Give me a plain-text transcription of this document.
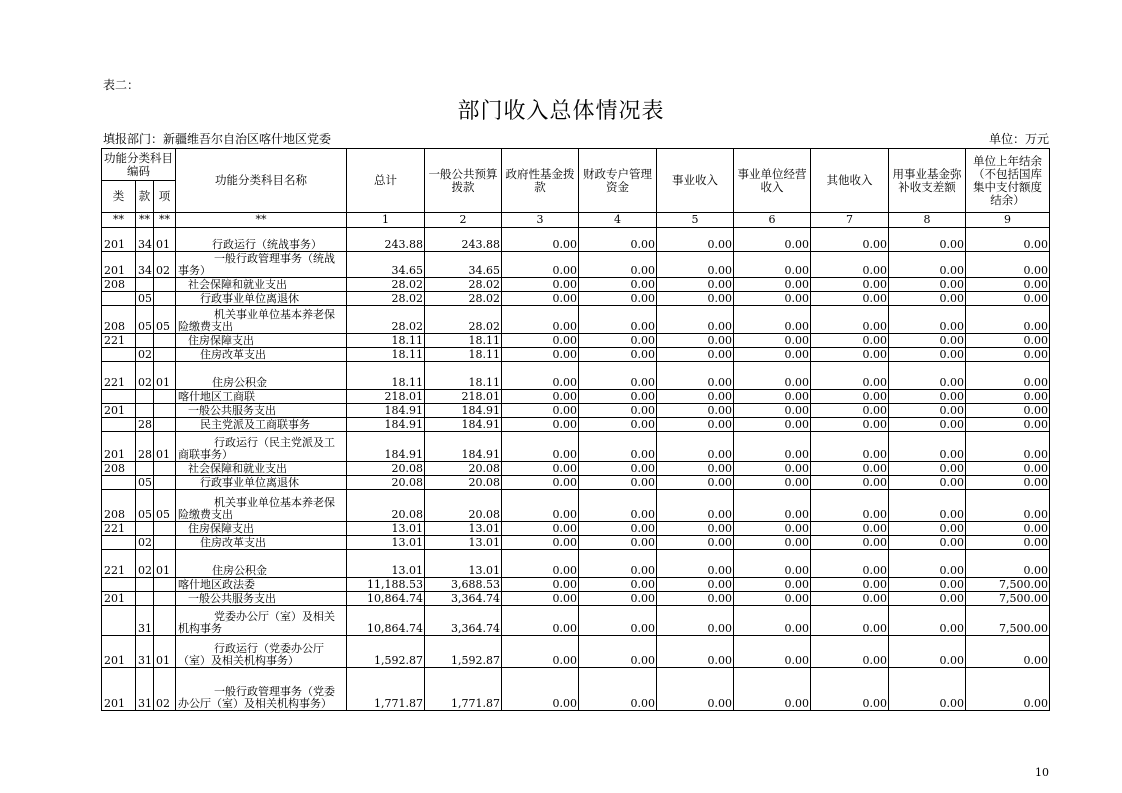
表二：
部门收入总体情况表
填报部门：新疆维吾尔自治区喀什地区党委	单位：万元
功能分类科目编码			功能分类科目名称	总计	一般公共预算拨款	政府性基金拨款	财政专户管理资金	事业收入	事业单位经营收入	其他收入	用事业基金弥补收支差额	单位上年结余（不包括国库集中支付额度结余）
类	款	项										
**	**	**	**	1	2	3	4	5	6	7	8	9
201	34	01	行政运行（统战事务）	243.88	243.88	0.00	0.00	0.00	0.00	0.00	0.00	0.00
201	34	02	一般行政管理事务（统战事务）	34.65	34.65	0.00	0.00	0.00	0.00	0.00	0.00	0.00
208			社会保障和就业支出	28.02	28.02	0.00	0.00	0.00	0.00	0.00	0.00	0.00
	05		行政事业单位离退休	28.02	28.02	0.00	0.00	0.00	0.00	0.00	0.00	0.00
208	05	05	机关事业单位基本养老保险缴费支出	28.02	28.02	0.00	0.00	0.00	0.00	0.00	0.00	0.00
221			住房保障支出	18.11	18.11	0.00	0.00	0.00	0.00	0.00	0.00	0.00
	02		住房改革支出	18.11	18.11	0.00	0.00	0.00	0.00	0.00	0.00	0.00
221	02	01	住房公积金	18.11	18.11	0.00	0.00	0.00	0.00	0.00	0.00	0.00
			喀什地区工商联	218.01	218.01	0.00	0.00	0.00	0.00	0.00	0.00	0.00
201			一般公共服务支出	184.91	184.91	0.00	0.00	0.00	0.00	0.00	0.00	0.00
	28		民主党派及工商联事务	184.91	184.91	0.00	0.00	0.00	0.00	0.00	0.00	0.00
201	28	01	行政运行（民主党派及工商联事务）	184.91	184.91	0.00	0.00	0.00	0.00	0.00	0.00	0.00
208			社会保障和就业支出	20.08	20.08	0.00	0.00	0.00	0.00	0.00	0.00	0.00
	05		行政事业单位离退休	20.08	20.08	0.00	0.00	0.00	0.00	0.00	0.00	0.00
208	05	05	机关事业单位基本养老保险缴费支出	20.08	20.08	0.00	0.00	0.00	0.00	0.00	0.00	0.00
221			住房保障支出	13.01	13.01	0.00	0.00	0.00	0.00	0.00	0.00	0.00
	02		住房改革支出	13.01	13.01	0.00	0.00	0.00	0.00	0.00	0.00	0.00
221	02	01	住房公积金	13.01	13.01	0.00	0.00	0.00	0.00	0.00	0.00	0.00
			喀什地区政法委	11,188.53	3,688.53	0.00	0.00	0.00	0.00	0.00	0.00	7,500.00
201			一般公共服务支出	10,864.74	3,364.74	0.00	0.00	0.00	0.00	0.00	0.00	7,500.00
	31		党委办公厅（室）及相关机构事务	10,864.74	3,364.74	0.00	0.00	0.00	0.00	0.00	0.00	7,500.00
201	31	01	行政运行（党委办公厅（室）及相关机构事务）	1,592.87	1,592.87	0.00	0.00	0.00	0.00	0.00	0.00	0.00
201	31	02	一般行政管理事务（党委办公厅（室）及相关机构事务）	1,771.87	1,771.87	0.00	0.00	0.00	0.00	0.00	0.00	0.00
10
